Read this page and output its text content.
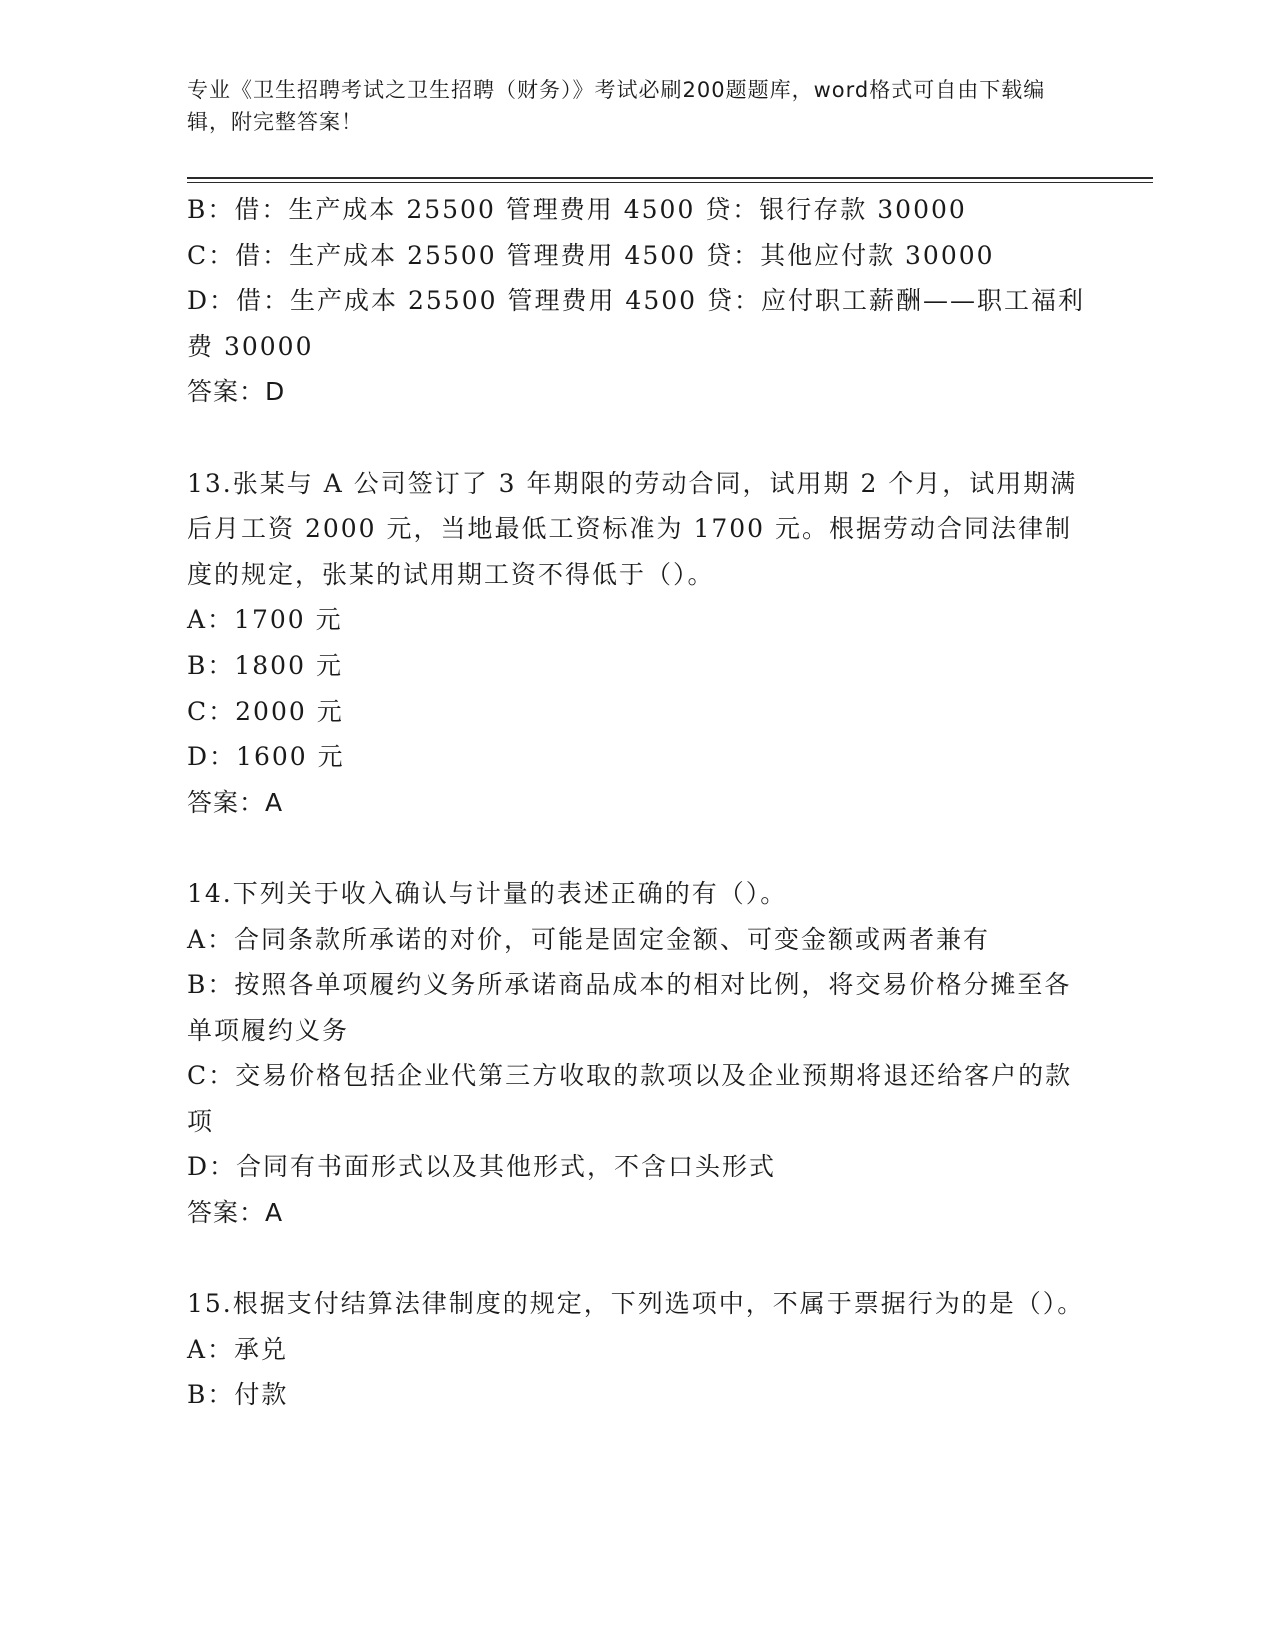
专业《卫生招聘考试之卫生招聘（财务）》考试必刷200题题库，word格式可自由下载编辑，附完整答案！

B：借：生产成本 25500 管理费用 4500 贷：银行存款 30000

C：借：生产成本 25500 管理费用 4500 贷：其他应付款 30000

D：借：生产成本 25500 管理费用 4500 贷：应付职工薪酬——职工福利费 30000

答案：D

13.张某与 A 公司签订了 3 年期限的劳动合同，试用期 2 个月，试用期满后月工资 2000 元，当地最低工资标准为 1700 元。根据劳动合同法律制度的规定，张某的试用期工资不得低于（）。

A：1700 元

B：1800 元

C：2000 元

D：1600 元

答案：A

14.下列关于收入确认与计量的表述正确的有（）。

A：合同条款所承诺的对价，可能是固定金额、可变金额或两者兼有

B：按照各单项履约义务所承诺商品成本的相对比例，将交易价格分摊至各单项履约义务

C：交易价格包括企业代第三方收取的款项以及企业预期将退还给客户的款项

D：合同有书面形式以及其他形式，不含口头形式

答案：A

15.根据支付结算法律制度的规定，下列选项中，不属于票据行为的是（）。

A：承兑

B：付款
